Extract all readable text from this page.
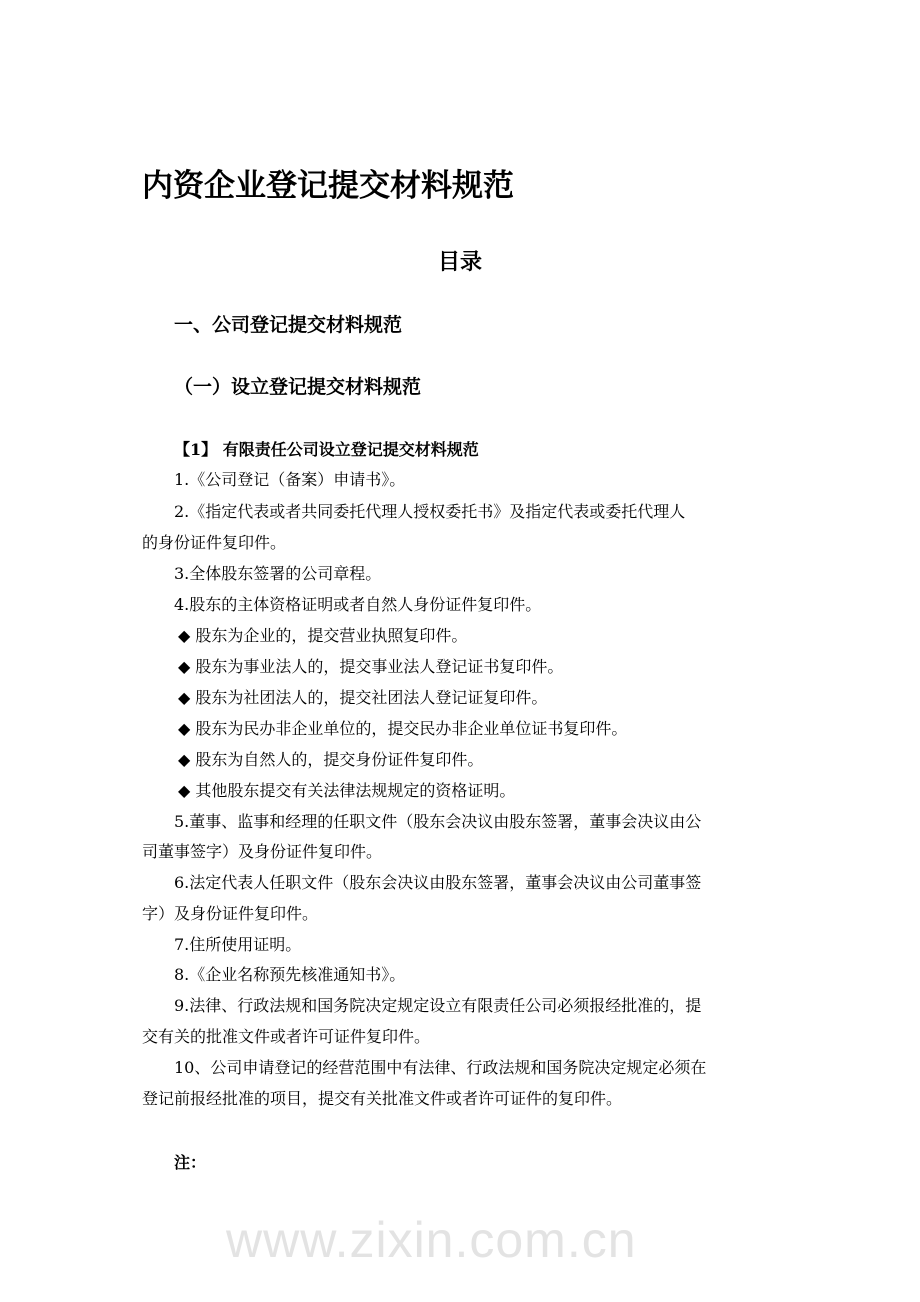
www.zixin.com.cn
内资企业登记提交材料规范
目录
一、公司登记提交材料规范
（一）设立登记提交材料规范
【1】 有限责任公司设立登记提交材料规范
1.《公司登记（备案）申请书》。
2.《指定代表或者共同委托代理人授权委托书》及指定代表或委托代理人
的身份证件复印件。
3.全体股东签署的公司章程。
4.股东的主体资格证明或者自然人身份证件复印件。
◆ 股东为企业的，提交营业执照复印件。
◆ 股东为事业法人的，提交事业法人登记证书复印件。
◆ 股东为社团法人的，提交社团法人登记证复印件。
◆ 股东为民办非企业单位的，提交民办非企业单位证书复印件。
◆ 股东为自然人的，提交身份证件复印件。
◆ 其他股东提交有关法律法规规定的资格证明。
5.董事、监事和经理的任职文件（股东会决议由股东签署，董事会决议由公
司董事签字）及身份证件复印件。
6.法定代表人任职文件（股东会决议由股东签署，董事会决议由公司董事签
字）及身份证件复印件。
7.住所使用证明。
8.《企业名称预先核准通知书》。
9.法律、行政法规和国务院决定规定设立有限责任公司必须报经批准的，提
交有关的批准文件或者许可证件复印件。
10、公司申请登记的经营范围中有法律、行政法规和国务院决定规定必须在
登记前报经批准的项目，提交有关批准文件或者许可证件的复印件。
注：
